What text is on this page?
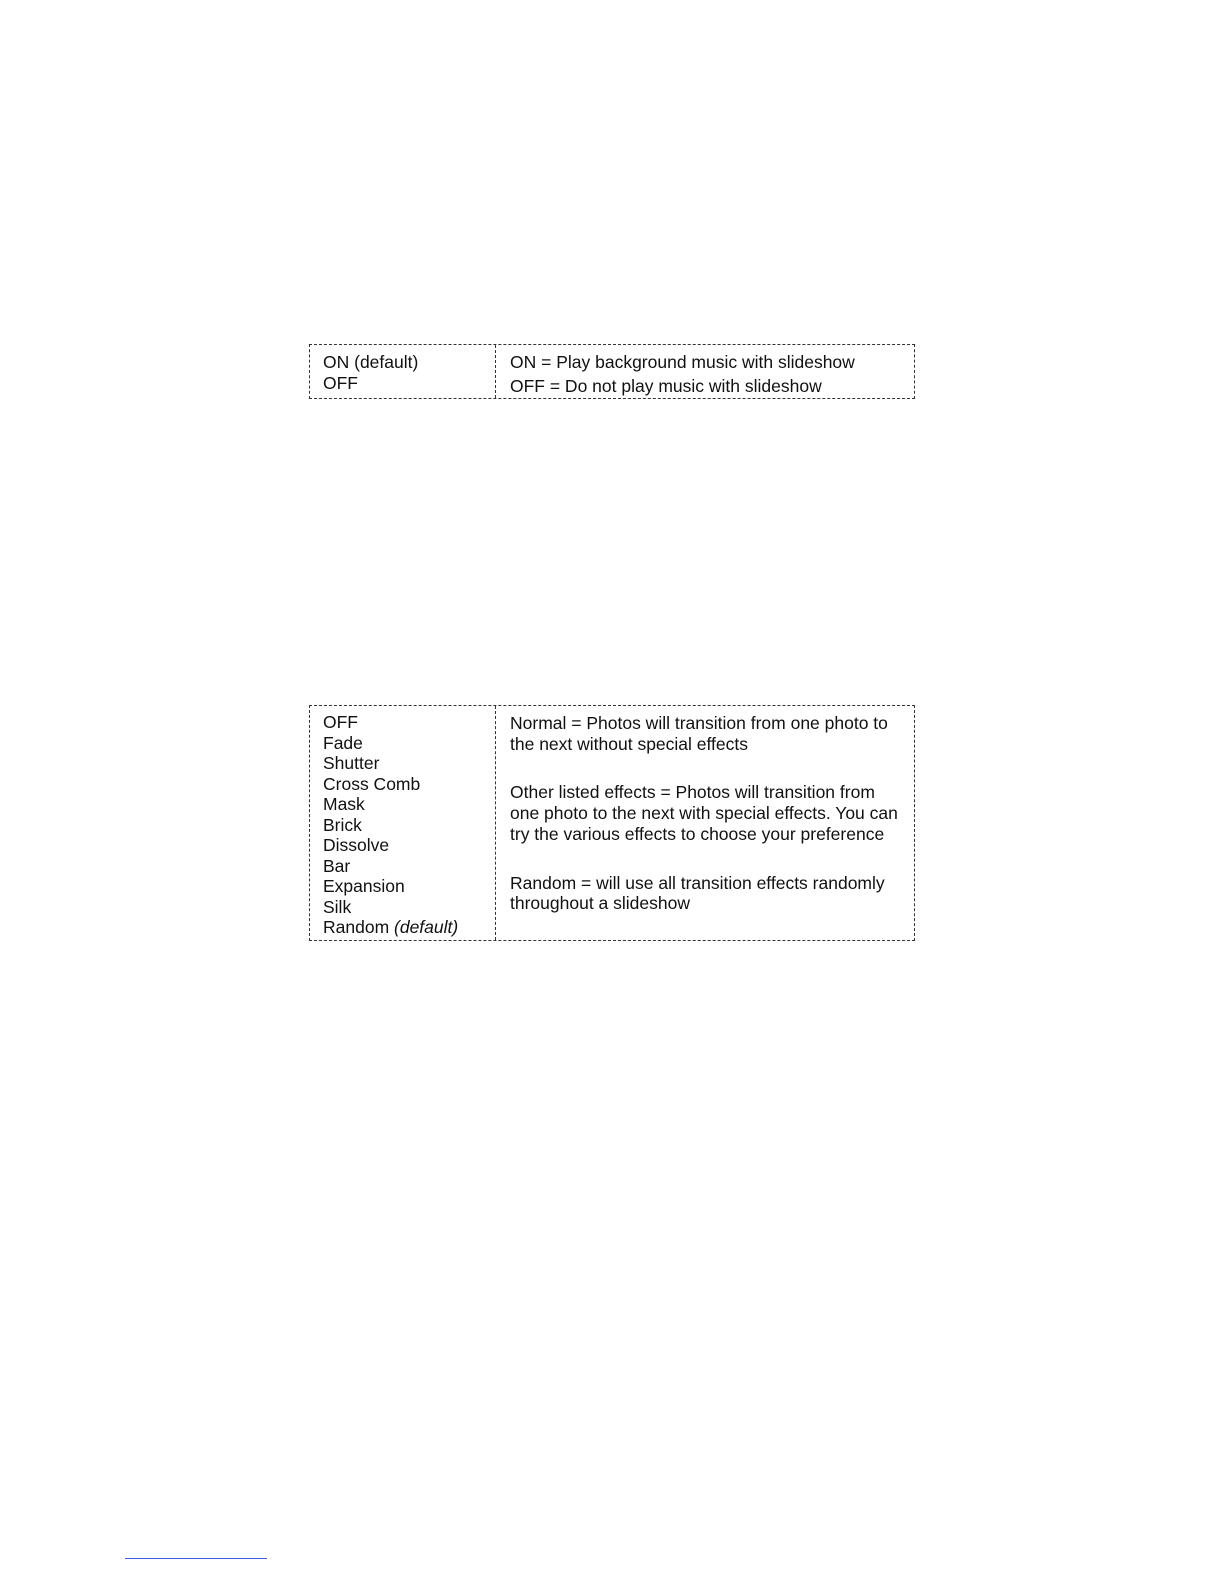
ON (default)
OFF
ON = Play background music with slideshow
OFF = Do not play music with slideshow
OFF
Fade
Shutter
Cross Comb
Mask
Brick
Dissolve
Bar
Expansion
Silk
Random (default)
Normal = Photos will transition from one photo to the next without special effects
Other listed effects = Photos will transition from one photo to the next with special effects. You can try the various effects to choose your preference
Random = will use all transition effects randomly throughout a slideshow
